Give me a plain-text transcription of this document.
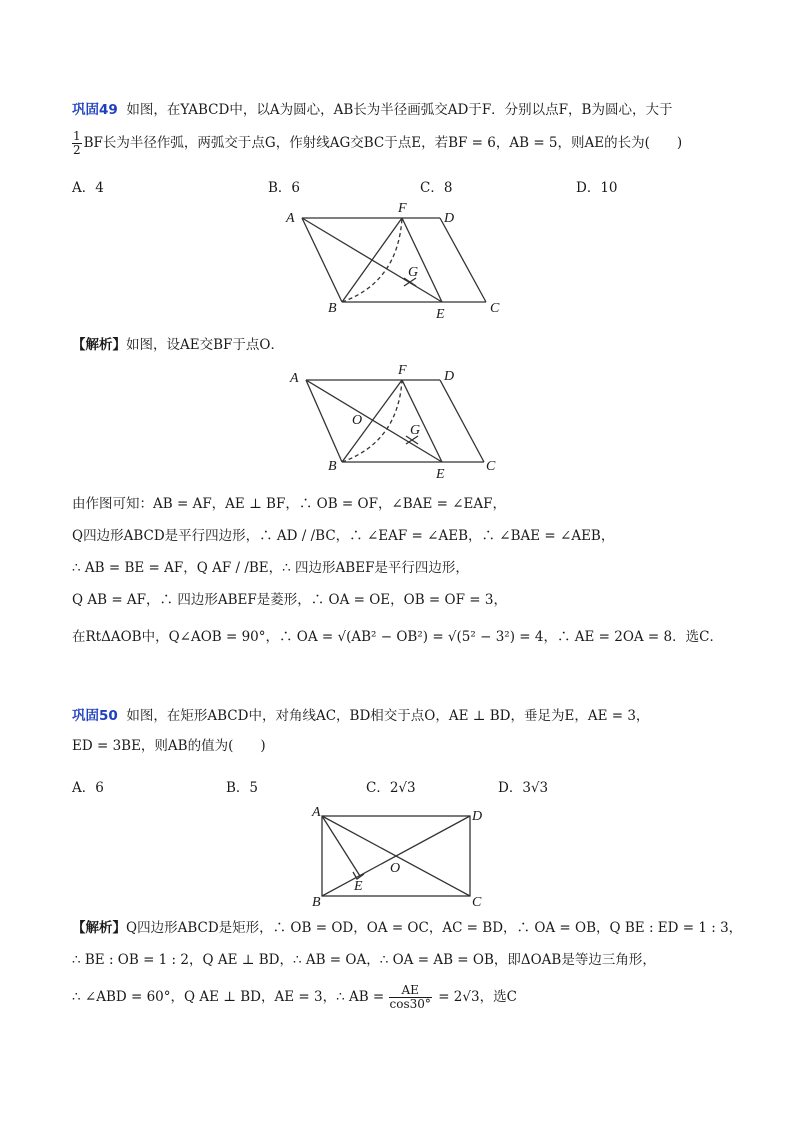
巩固49 如图，在YABCD中，以A为圆心，AB长为半径画弧交AD于F．分别以点F，B为圆心，大于
$\frac{1}{2}$ BF长为半径作弧，两弧交于点G，作射线AG交BC于点E，若BF = 6，AB = 5，则AE的长为(　　)
A．4	B．6	C．8	D．10
A
F
D
B	E	C
G
【解析】如图，设AE交BF于点O．
A
F	D
O
G
B
E
C
由作图可知：AB = AF，AE ⊥ BF，∴ OB = OF，∠BAE = ∠EAF，
Q四边形ABCD是平行四边形，∴ AD / /BC，∴ ∠EAF = ∠AEB，∴ ∠BAE = ∠AEB，
∴ AB = BE = AF，Q AF / /BE，∴ 四边形ABEF是平行四边形，
Q AB = AF，∴ 四边形ABEF是菱形，∴ OA = OE，OB = OF = 3，
在RtΔAOB中，Q∠AOB = 90°，∴ OA = √(AB² − OB²) = √(5² − 3²) = 4，∴ AE = 2OA = 8．选C．
巩固50 如图，在矩形ABCD中，对角线AC，BD相交于点O，AE ⊥ BD，垂足为E，AE = 3，
ED = 3BE，则AB的值为(　　)
A．6	B．5	C．2√3	D．3√3
A	D
O
E
B	C
【解析】Q四边形ABCD是矩形，∴ OB = OD，OA = OC，AC = BD，∴ OA = OB，Q BE : ED = 1 : 3，
∴ BE : OB = 1 : 2，Q AE ⊥ BD，∴ AB = OA，∴ OA = AB = OB，即ΔOAB是等边三角形，
∴ ∠ABD = 60°，Q AE ⊥ BD，AE = 3，∴ AB = $\frac{AE}{\cos 30^\circ} = 2√3$，选C
